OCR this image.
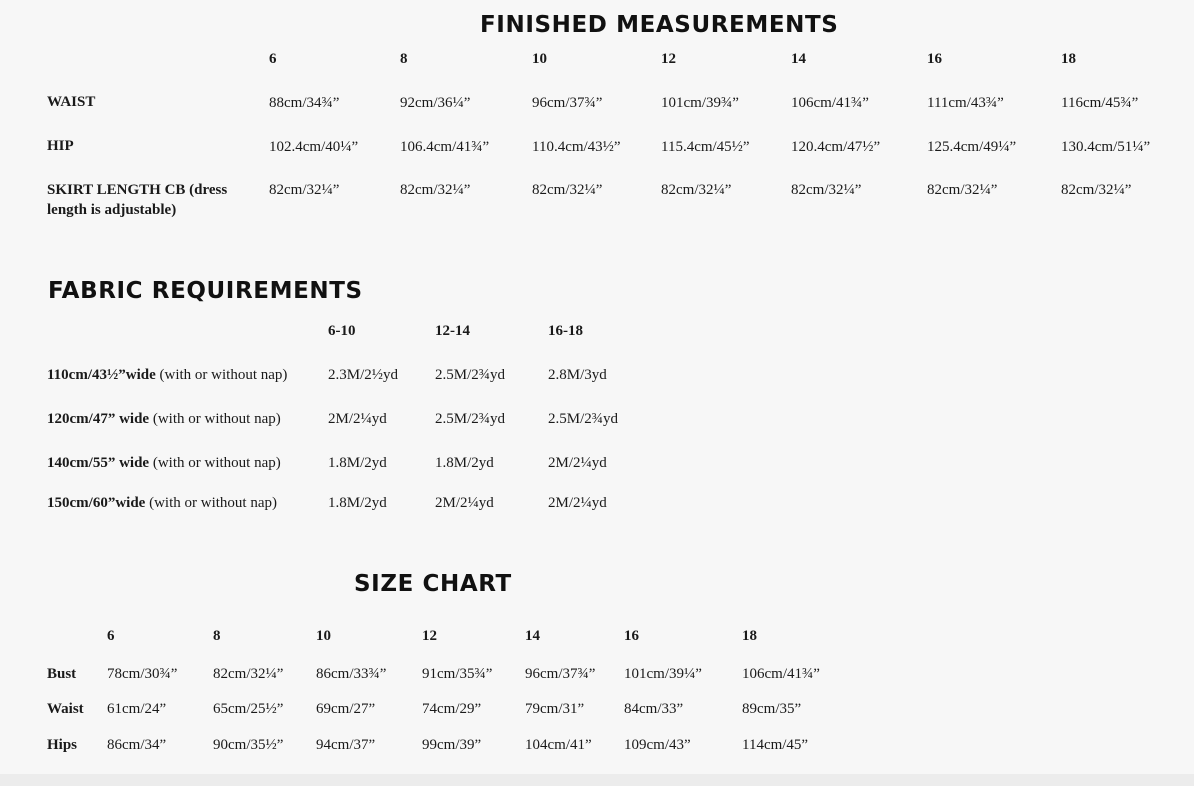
FINISHED MEASUREMENTS
6	8	10	12	14	16	18
WAIST	88cm/34¾”	92cm/36¼”	96cm/37¾”	101cm/39¾”	106cm/41¾”	111cm/43¾”	116cm/45¾”
HIP	102.4cm/40¼”	106.4cm/41¾”	110.4cm/43½”	115.4cm/45½”	120.4cm/47½”	125.4cm/49¼”	130.4cm/51¼”
SKIRT LENGTH CB (dress
length is adjustable)
82cm/32¼”	82cm/32¼”	82cm/32¼”	82cm/32¼”	82cm/32¼”	82cm/32¼”	82cm/32¼”
FABRIC REQUIREMENTS
6-10	12-14	16-18
110cm/43½”wide (with or without nap)	2.3M/2½yd 2.5M/2¾yd	2.8M/3yd
120cm/47” wide (with or without nap)	2M/2¼yd	2.5M/2¾yd	2.5M/2¾yd
140cm/55” wide (with or without nap)	1.8M/2yd	1.8M/2yd	2M/2¼yd
150cm/60”wide (with or without nap)	1.8M/2yd	2M/2¼yd	2M/2¼yd
SIZE CHART
6	8	10	12	14	16	18
Bust 78cm/30¾” 82cm/32¼” 86cm/33¾” 91cm/35¾” 96cm/37¾” 101cm/39¼”	106cm/41¾”
Waist 61cm/24”	65cm/25½” 69cm/27”	74cm/29”	79cm/31”	84cm/33”	89cm/35”
Hips 86cm/34”	90cm/35½” 94cm/37”	99cm/39”	104cm/41” 109cm/43”	114cm/45”
